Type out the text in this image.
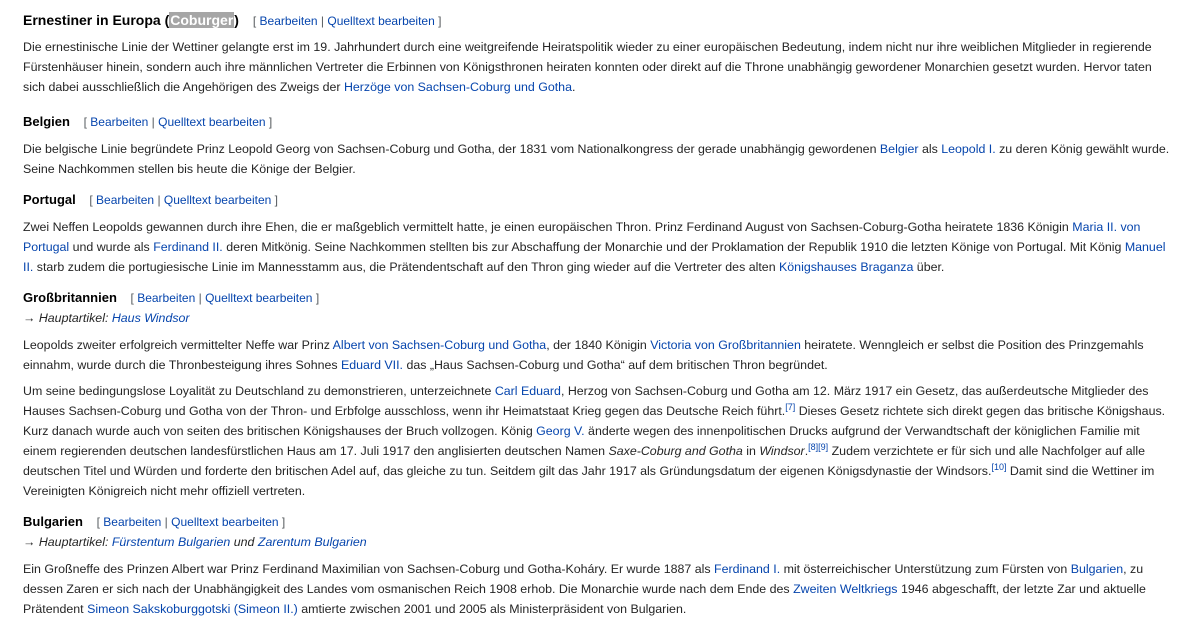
Ernestiner in Europa (Coburger) [ Bearbeiten | Quelltext bearbeiten ]

Die ernestinische Linie der Wettiner gelangte erst im 19. Jahrhundert durch eine weitgreifende Heiratspolitik wieder zu einer europäischen Bedeutung, indem nicht nur ihre weiblichen Mitglieder in regierende Fürstenhäuser hinein, sondern auch ihre männlichen Vertreter die Erbinnen von Königsthronen heiraten konnten oder direkt auf die Throne unabhängig gewordener Monarchien gesetzt wurden. Hervor taten sich dabei ausschließlich die Angehörigen des Zweigs der Herzöge von Sachsen-Coburg und Gotha.

Belgien [ Bearbeiten | Quelltext bearbeiten ]

Die belgische Linie begründete Prinz Leopold Georg von Sachsen-Coburg und Gotha, der 1831 vom Nationalkongress der gerade unabhängig gewordenen Belgier als Leopold I. zu deren König gewählt wurde. Seine Nachkommen stellen bis heute die Könige der Belgier.

Portugal [ Bearbeiten | Quelltext bearbeiten ]

Zwei Neffen Leopolds gewannen durch ihre Ehen, die er maßgeblich vermittelt hatte, je einen europäischen Thron. Prinz Ferdinand August von Sachsen-Coburg-Gotha heiratete 1836 Königin Maria II. von Portugal und wurde als Ferdinand II. deren Mitkönig. Seine Nachkommen stellten bis zur Abschaffung der Monarchie und der Proklamation der Republik 1910 die letzten Könige von Portugal. Mit König Manuel II. starb zudem die portugiesische Linie im Mannesstamm aus, die Prätendentschaft auf den Thron ging wieder auf die Vertreter des alten Königshauses Braganza über.

Großbritannien [ Bearbeiten | Quelltext bearbeiten ]
→ Hauptartikel: Haus Windsor

Leopolds zweiter erfolgreich vermittelter Neffe war Prinz Albert von Sachsen-Coburg und Gotha, der 1840 Königin Victoria von Großbritannien heiratete. Wenngleich er selbst die Position des Prinzgemahls einnahm, wurde durch die Thronbesteigung ihres Sohnes Eduard VII. das „Haus Sachsen-Coburg und Gotha“ auf dem britischen Thron begründet.

Um seine bedingungslose Loyalität zu Deutschland zu demonstrieren, unterzeichnete Carl Eduard, Herzog von Sachsen-Coburg und Gotha am 12. März 1917 ein Gesetz, das außerdeutsche Mitglieder des Hauses Sachsen-Coburg und Gotha von der Thron- und Erbfolge ausschloss, wenn ihr Heimatstaat Krieg gegen das Deutsche Reich führt.[7] Dieses Gesetz richtete sich direkt gegen das britische Königshaus. Kurz danach wurde auch von seiten des britischen Königshauses der Bruch vollzogen. König Georg V. änderte wegen des innenpolitischen Drucks aufgrund der Verwandtschaft der königlichen Familie mit einem regierenden deutschen landesfürstlichen Haus am 17. Juli 1917 den anglisierten deutschen Namen Saxe-Coburg and Gotha in Windsor.[8][9] Zudem verzichtete er für sich und alle Nachfolger auf alle deutschen Titel und Würden und forderte den britischen Adel auf, das gleiche zu tun. Seitdem gilt das Jahr 1917 als Gründungsdatum der eigenen Königsdynastie der Windsors.[10] Damit sind die Wettiner im Vereinigten Königreich nicht mehr offiziell vertreten.

Bulgarien [ Bearbeiten | Quelltext bearbeiten ]
→ Hauptartikel: Fürstentum Bulgarien und Zarentum Bulgarien

Ein Großneffe des Prinzen Albert war Prinz Ferdinand Maximilian von Sachsen-Coburg und Gotha-Koháry. Er wurde 1887 als Ferdinand I. mit österreichischer Unterstützung zum Fürsten von Bulgarien, zu dessen Zaren er sich nach der Unabhängigkeit des Landes vom osmanischen Reich 1908 erhob. Die Monarchie wurde nach dem Ende des Zweiten Weltkriegs 1946 abgeschafft, der letzte Zar und aktuelle Prätendent Simeon Sakskoburggotski (Simeon II.) amtierte zwischen 2001 und 2005 als Ministerpräsident von Bulgarien.
